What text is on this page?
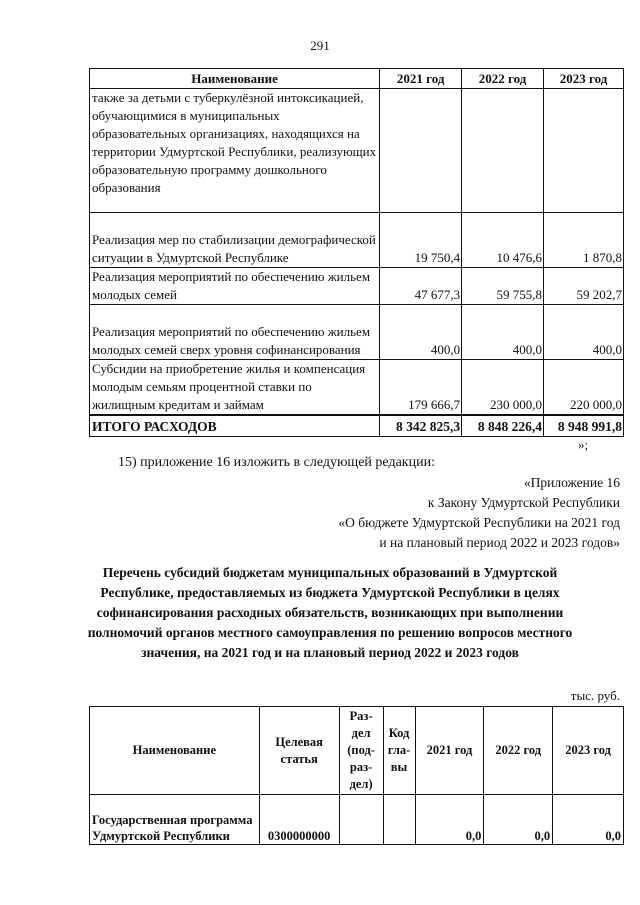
291
Наименование	2021 год	2022 год	2023 год
также за детьми с туберкулёзной интоксикацией, обучающимися в муниципальных образовательных организациях, находящихся на территории Удмуртской Республики, реализующих образовательную программу дошкольного образования			
Реализация мер по стабилизации демографической ситуации в Удмуртской Республике	19 750,4	10 476,6	1 870,8
Реализация мероприятий по обеспечению жильем молодых семей	47 677,3	59 755,8	59 202,7
Реализация мероприятий по обеспечению жильем молодых семей сверх уровня софинансирования	400,0	400,0	400,0
Субсидии на приобретение жилья и компенсация молодым семьям процентной ставки по жилищным кредитам и займам	179 666,7	230 000,0	220 000,0
ИТОГО РАСХОДОВ	8 342 825,3	8 848 226,4	8 948 991,8
»;
15) приложение 16 изложить в следующей редакции:
«Приложение 16
к Закону Удмуртской Республики
«О бюджете Удмуртской Республики на 2021 год
и на плановый период 2022 и 2023 годов»
Перечень субсидий бюджетам муниципальных образований в Удмуртской Республике, предоставляемых из бюджета Удмуртской Республики в целях софинансирования расходных обязательств, возникающих при выполнении полномочий органов местного самоуправления по решению вопросов местного значения, на 2021 год и на плановый период 2022 и 2023 годов
тыс. руб.
Наименование	Целевая статья	Раз-дел (под-раз-дел)	Код гла-вы	2021 год	2022 год	2023 год
Государственная программа Удмуртской Республики	0300000000			0,0	0,0	0,0
